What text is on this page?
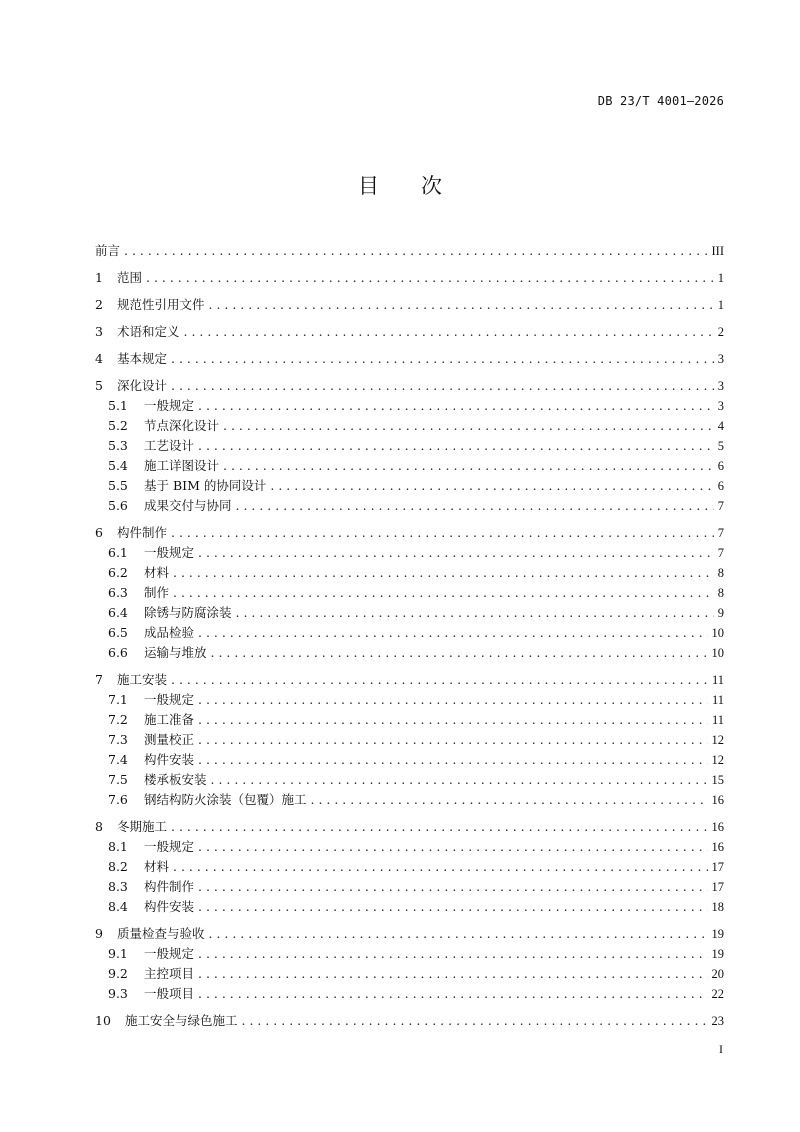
DB 23/T 4001—2026
目次
前言 . . .	III
1	范围 . . .	1
2	规范性引用文件 . . .	1
3	术语和定义 . . .	2
4	基本规定 . . .	3
5	深化设计 . . .	3
5.1	一般规定 . . .	3
5.2	节点深化设计 . . .	4
5.3	工艺设计 . . .	5
5.4	施工详图设计 . . .	6
5.5	基于 BIM 的协同设计 . . .	6
5.6	成果交付与协同 . . .	7
6	构件制作 . . .	7
6.1	一般规定 . . .	7
6.2	材料 . . .	8
6.3	制作 . . .	8
6.4	除锈与防腐涂装 . . .	9
6.5	成品检验 . . .	10
6.6	运输与堆放 . . .	10
7	施工安装 . . .	11
7.1	一般规定 . . .	11
7.2	施工准备 . . .	11
7.3	测量校正 . . .	12
7.4	构件安装 . . .	12
7.5	楼承板安装 . . .	15
7.6	钢结构防火涂装（包覆）施工 . . .	16
8	冬期施工 . . .	16
8.1	一般规定 . . .	16
8.2	材料 . . .	17
8.3	构件制作 . . .	17
8.4	构件安装 . . .	18
9	质量检查与验收 . . .	19
9.1	一般规定 . . .	19
9.2	主控项目 . . .	20
9.3	一般项目 . . .	22
10	施工安全与绿色施工 . . .	23
I
